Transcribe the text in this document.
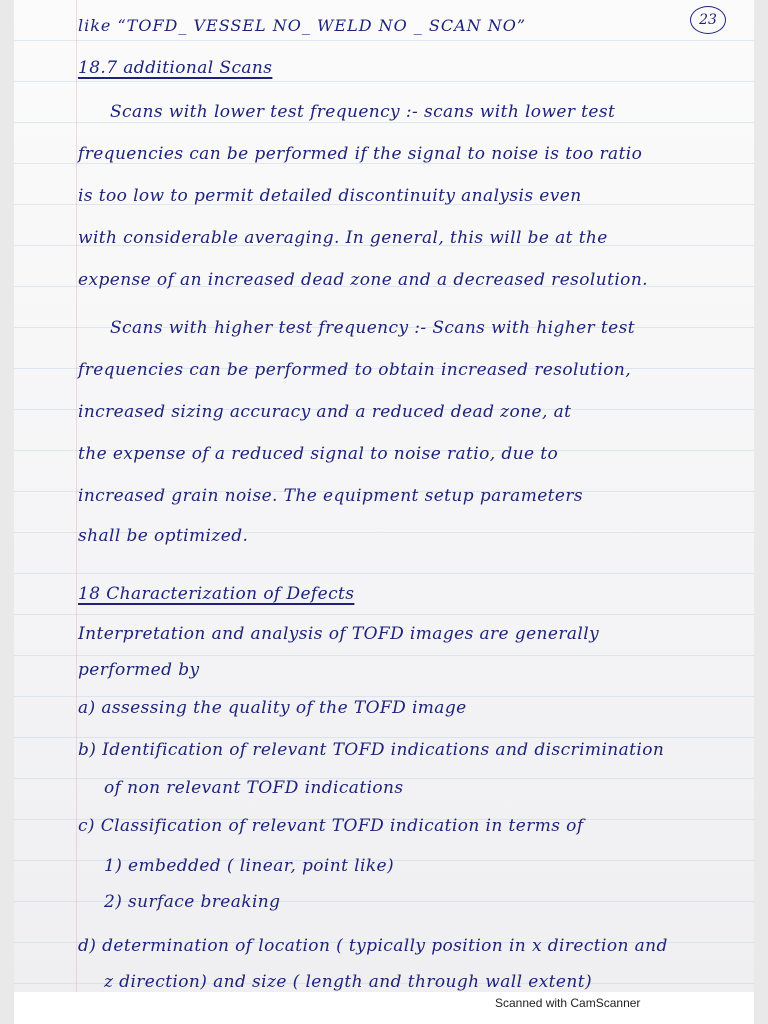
23
like “TOFD_ VESSEL NO_ WELD NO _ SCAN NO”
18.7 additional Scans
Scans with lower test frequency :- scans with lower test
frequencies can be performed if the signal to noise is too ratio
is too low to permit detailed discontinuity analysis even
with considerable averaging. In general, this will be at the
expense of an increased dead zone and a decreased resolution.
Scans with higher test frequency :- Scans with higher test
frequencies can be performed to obtain increased resolution,
increased sizing accuracy and a reduced dead zone, at
the expense of a reduced signal to noise ratio, due to
increased grain noise. The equipment setup parameters
shall be optimized.
18 Characterization of Defects
Interpretation and analysis of TOFD images are generally
performed by
a) assessing the quality of the TOFD image
b) Identification of relevant TOFD indications and discrimination
of non relevant TOFD indications
c) Classification of relevant TOFD indication in terms of
1) embedded ( linear, point like)
2) surface breaking
d) determination of location ( typically position in x direction and
z direction) and size ( length and through wall extent)
Scanned with CamScanner
